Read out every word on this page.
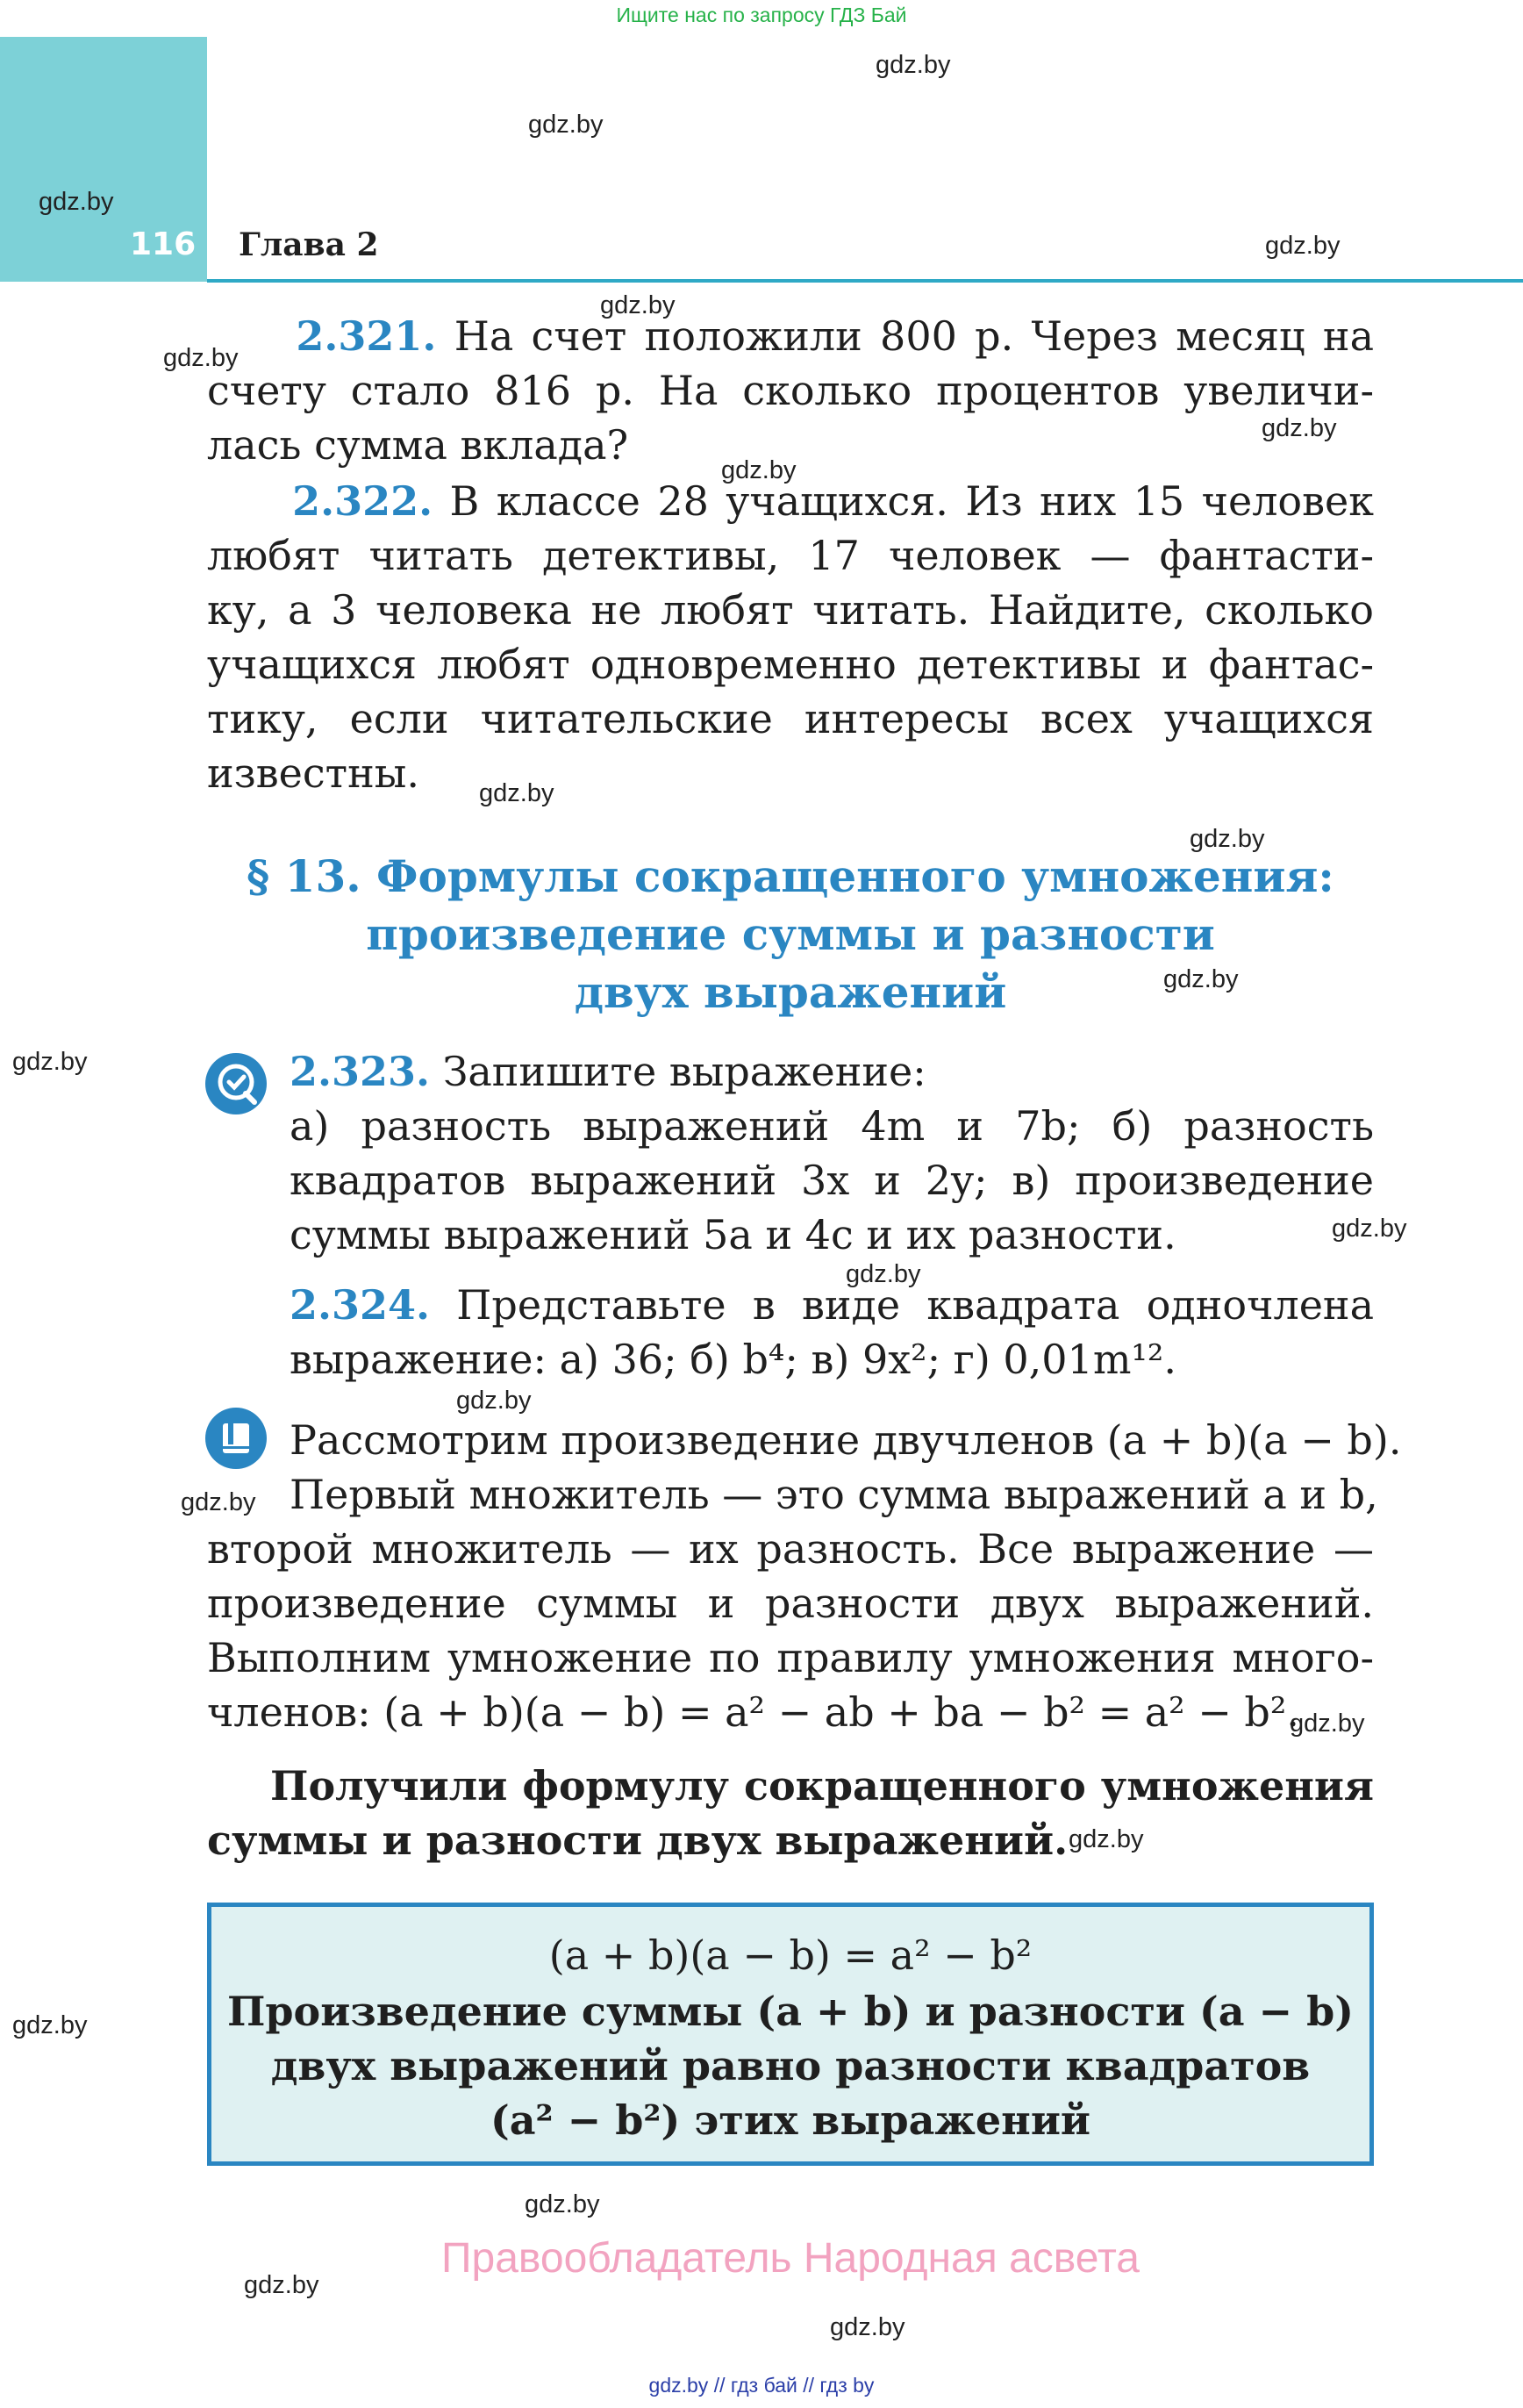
Ищите нас по запросу ГДЗ Бай
116 Глава 2
gdz.by
gdz.by
gdz.by
gdz.by
gdz.by
gdz.by
gdz.by
gdz.by
gdz.by
gdz.by
gdz.by
gdz.by
gdz.by
gdz.by
gdz.by
gdz.by
gdz.by
gdz.by
gdz.by
gdz.by
gdz.by
gdz.by
2.321. На счет положили 800 р. Через месяц на
счету стало 816 р. На сколько процентов увеличи-
лась сумма вклада?
2.322. В классе 28 учащихся. Из них 15 человек
любят читать детективы, 17 человек — фантасти-
ку, а 3 человека не любят читать. Найдите, сколько
учащихся любят одновременно детективы и фантас-
тику, если читательские интересы всех учащихся
известны.
§ 13. Формулы сокращенного умножения:
произведение суммы и разности
двух выражений
2.323. Запишите выражение:
а) разность выражений 4m и 7b; б) разность
квадратов выражений 3x и 2y; в) произведение
суммы выражений 5a и 4c и их разности.
2.324. Представьте в виде квадрата одночлена
выражение: а) 36; б) b⁴; в) 9x²; г) 0,01m¹².
Рассмотрим произведение двучленов (a + b)(a − b).
Первый множитель — это сумма выражений a и b,
второй множитель — их разность. Все выражение —
произведение суммы и разности двух выражений.
Выполним умножение по правилу умножения много-
членов: (a + b)(a − b) = a² − ab + ba − b² = a² − b².
Получили формулу сокращенного умножения
суммы и разности двух выражений.
(a + b)(a − b) = a² − b²
Произведение суммы (a + b) и разности (a − b)
двух выражений равно разности квадратов
(a² − b²) этих выражений
Правообладатель Народная асвета
gdz.by // гдз бай // гдз by
